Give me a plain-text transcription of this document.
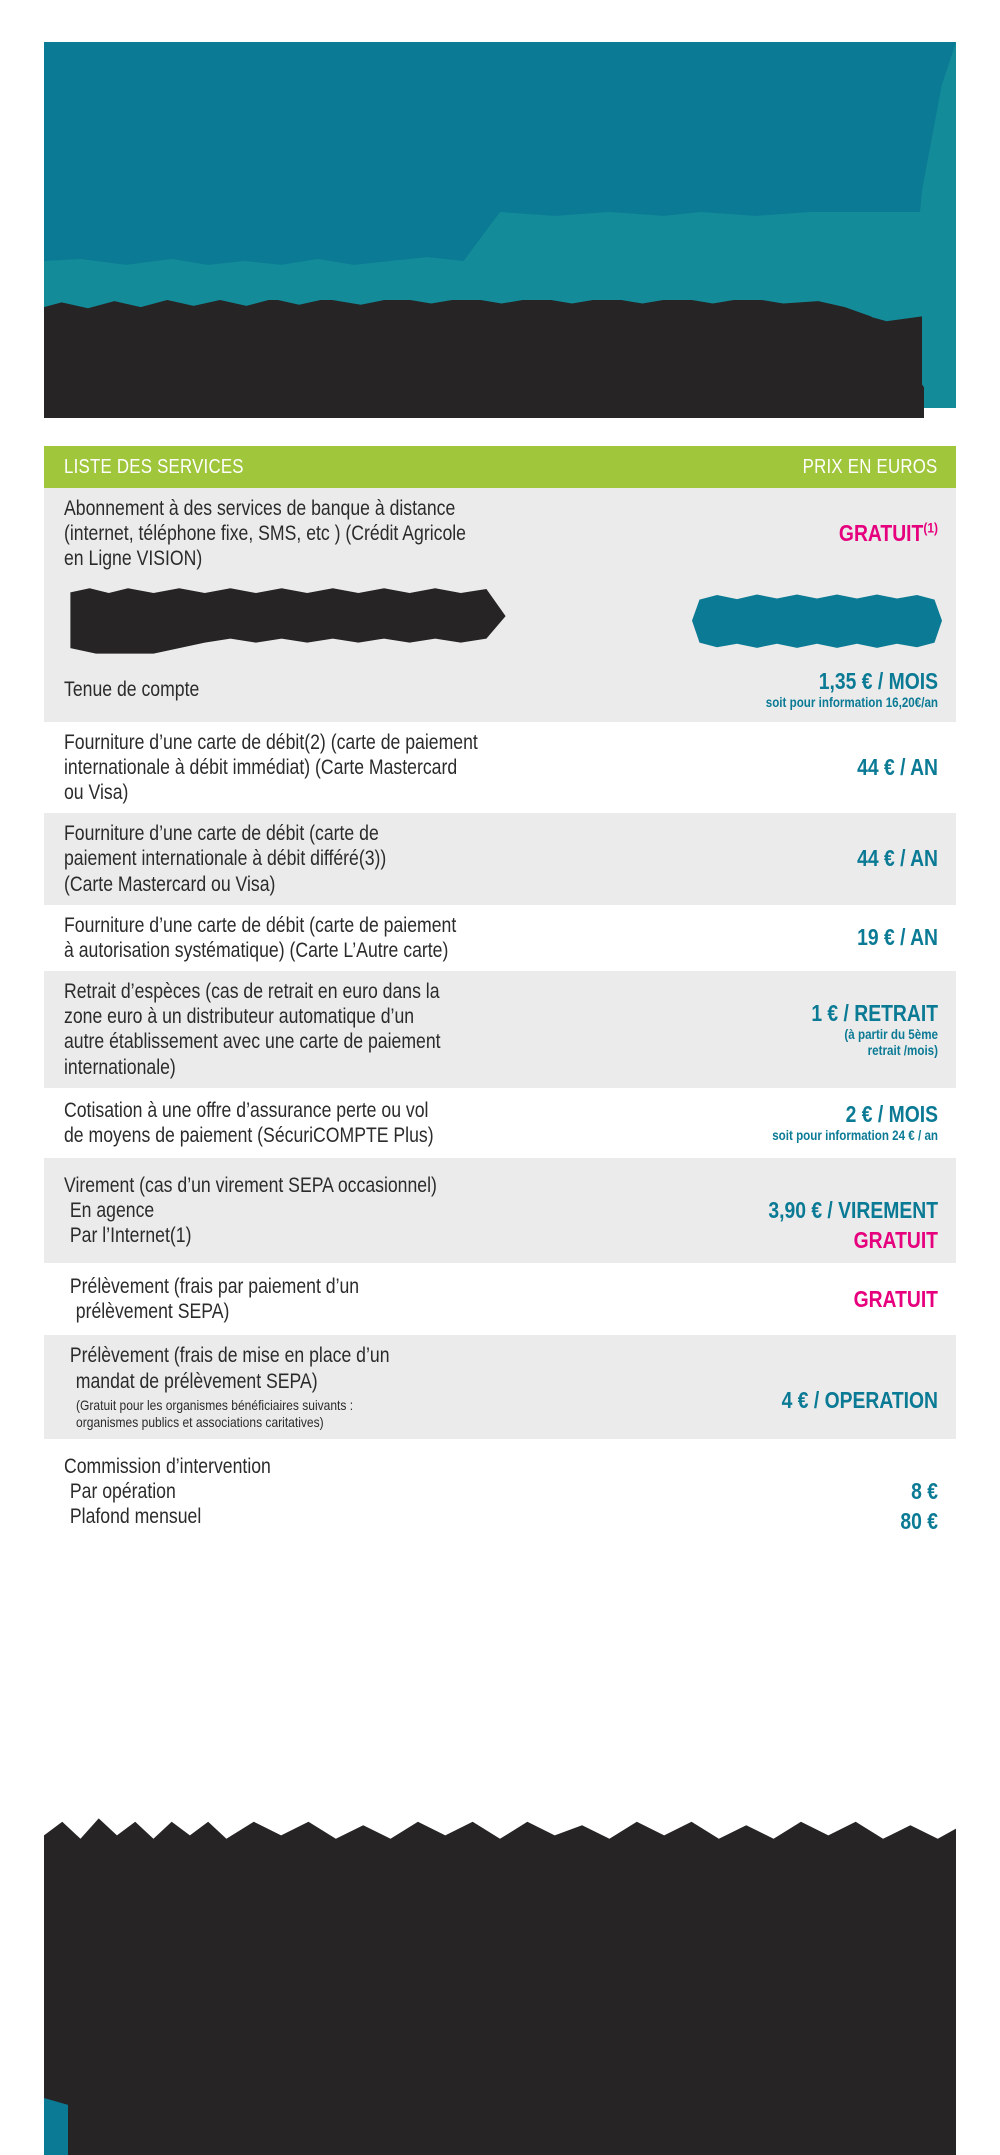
LISTE DES SERVICES	PRIX EN EUROS
Abonnement à des services de banque à distance
(internet, téléphone fixe, SMS, etc ) (Crédit Agricole
en Ligne VISION)
GRATUIT$^{(1)}$
Tenue de compte	1,35 € / MOIS
soit pour information 16,20€/an
Fourniture d’une carte de débit(2) (carte de paiement
internationale à débit immédiat) (Carte Mastercard
ou Visa)
44 € / AN
Fourniture d’une carte de débit (carte de
paiement internationale à débit différé(3))
(Carte Mastercard ou Visa)
44 € / AN
Fourniture d’une carte de débit (carte de paiement
à autorisation systématique) (Carte L’Autre carte)
19 € / AN
Retrait d’espèces (cas de retrait en euro dans la
zone euro à un distributeur automatique d’un
autre établissement avec une carte de paiement
internationale)
1 € / RETRAIT
(à partir du 5ème
retrait /mois)
Cotisation à une offre d’assurance perte ou vol
de moyens de paiement (SécuriCOMPTE Plus)
2 € / MOIS
soit pour information 24 € / an
Virement (cas d’un virement SEPA occasionnel)
En agence
Par l’Internet(1)
3,90 € / VIREMENT
GRATUIT
Prélèvement (frais par paiement d’un
prélèvement SEPA)
GRATUIT
Prélèvement (frais de mise en place d’un
mandat de prélèvement SEPA)
(Gratuit pour les organismes bénéficiaires suivants :
organismes publics et associations caritatives)
4 € / OPERATION
Commission d’intervention
Par opération
Plafond mensuel
8 €
80 €
